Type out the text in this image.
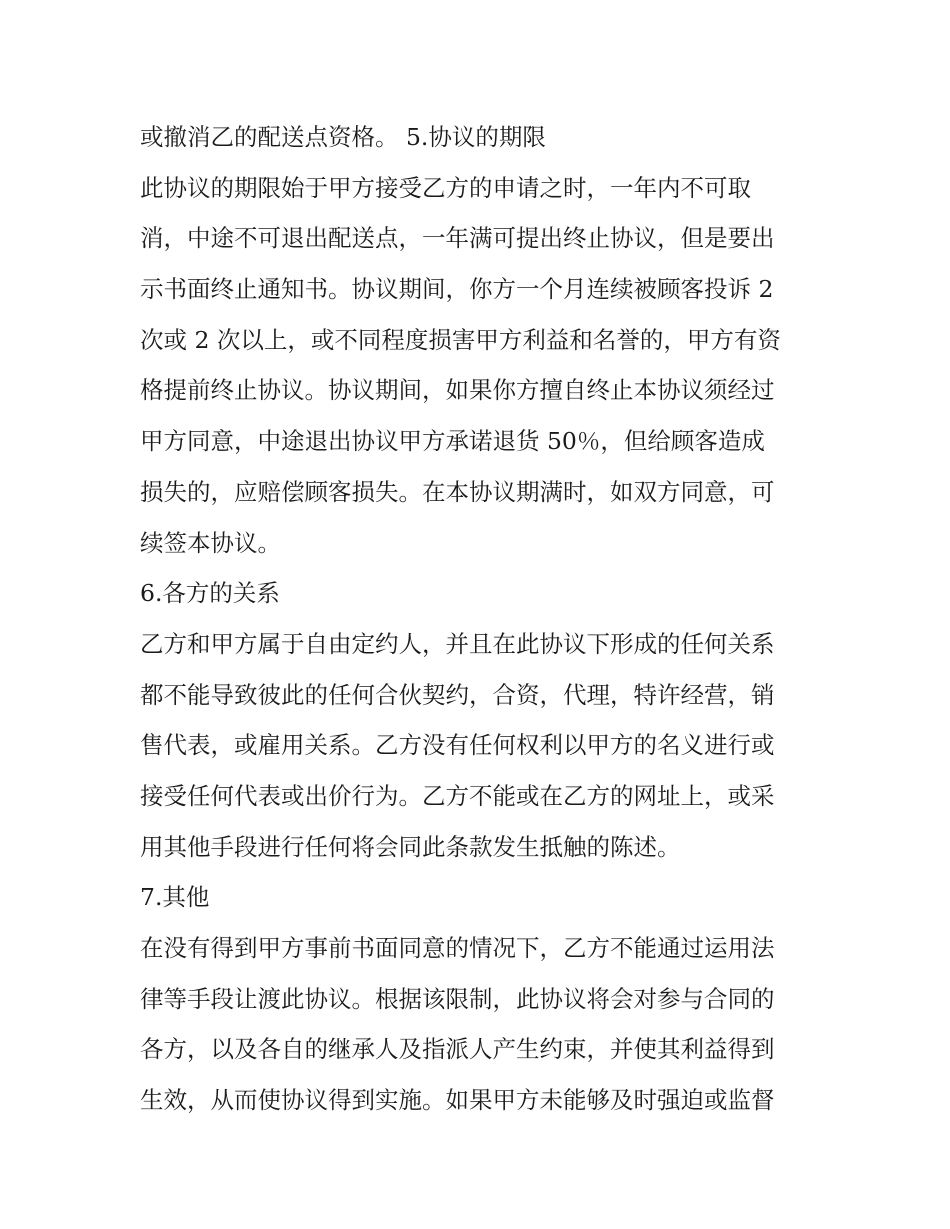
或撤消乙的配送点资格。 5.协议的期限
此协议的期限始于甲方接受乙方的申请之时，一年内不可取
消，中途不可退出配送点，一年满可提出终止协议，但是要出
示书面终止通知书。协议期间，你方一个月连续被顾客投诉 2
次或 2 次以上，或不同程度损害甲方利益和名誉的，甲方有资
格提前终止协议。协议期间，如果你方擅自终止本协议须经过
甲方同意，中途退出协议甲方承诺退货 50％，但给顾客造成
损失的，应赔偿顾客损失。在本协议期满时，如双方同意，可
续签本协议。
6.各方的关系
乙方和甲方属于自由定约人，并且在此协议下形成的任何关系
都不能导致彼此的任何合伙契约，合资，代理，特许经营，销
售代表，或雇用关系。乙方没有任何权利以甲方的名义进行或
接受任何代表或出价行为。乙方不能或在乙方的网址上，或采
用其他手段进行任何将会同此条款发生抵触的陈述。
7.其他
在没有得到甲方事前书面同意的情况下，乙方不能通过运用法
律等手段让渡此协议。根据该限制，此协议将会对参与合同的
各方，以及各自的继承人及指派人产生约束，并使其利益得到
生效，从而使协议得到实施。如果甲方未能够及时强迫或监督
